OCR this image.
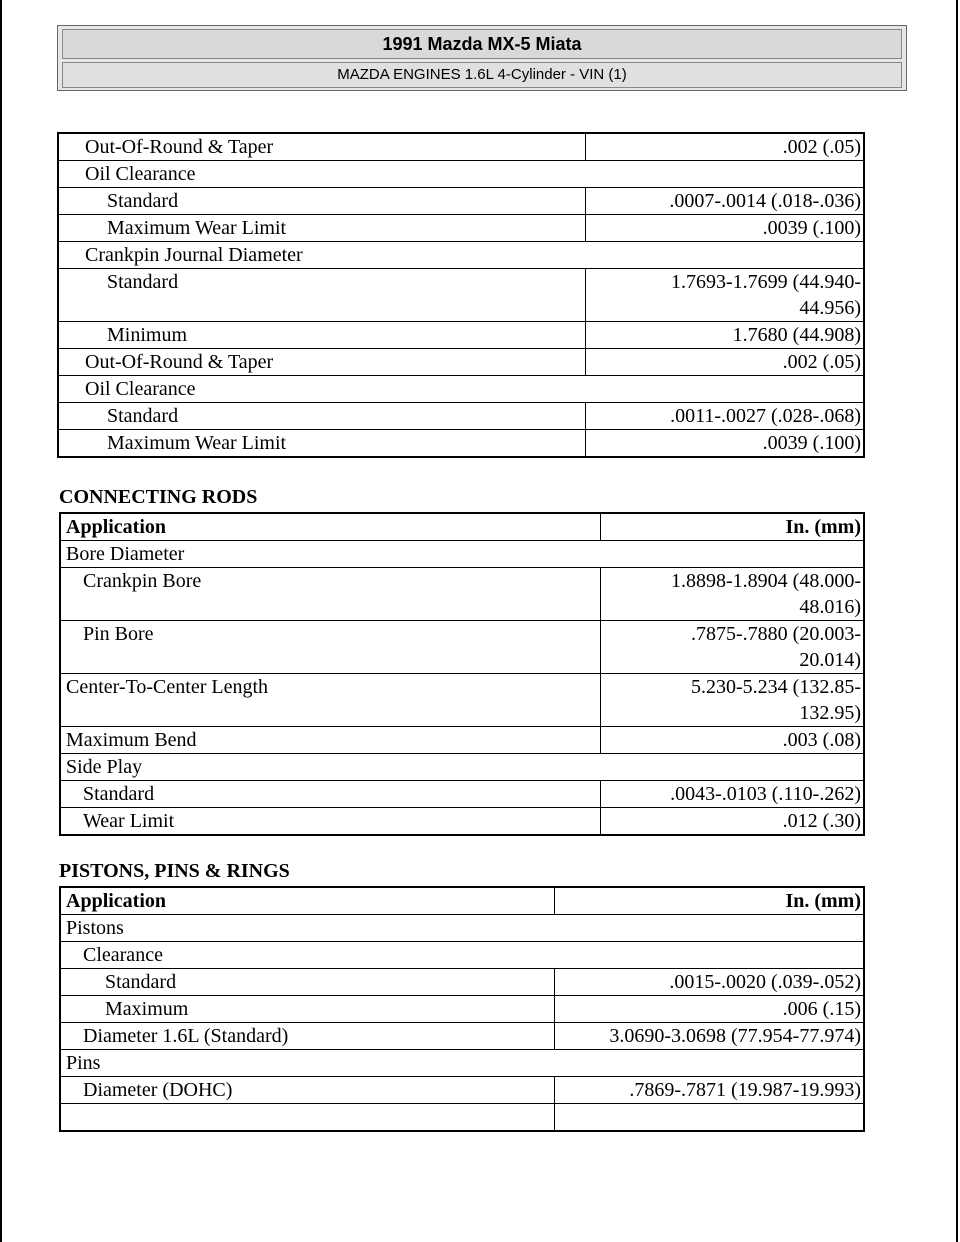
1991 Mazda MX-5 Miata
MAZDA ENGINES 1.6L 4-Cylinder - VIN (1)
Out-Of-Round & Taper	.002 (.05)
Oil Clearance	
Standard	.0007-.0014 (.018-.036)
Maximum Wear Limit	.0039 (.100)
Crankpin Journal Diameter	
Standard	1.7693-1.7699 (44.940-
44.956)
Minimum	1.7680 (44.908)
Out-Of-Round & Taper	.002 (.05)
Oil Clearance	
Standard	.0011-.0027 (.028-.068)
Maximum Wear Limit	.0039 (.100)
CONNECTING RODS
Application	In. (mm)
Bore Diameter	
Crankpin Bore	1.8898-1.8904 (48.000-
48.016)
Pin Bore	.7875-.7880 (20.003-
20.014)
Center-To-Center Length	5.230-5.234 (132.85-
132.95)
Maximum Bend	.003 (.08)
Side Play	
Standard	.0043-.0103 (.110-.262)
Wear Limit	.012 (.30)
PISTONS, PINS & RINGS
Application	In. (mm)
Pistons	
Clearance	
Standard	.0015-.0020 (.039-.052)
Maximum	.006 (.15)
Diameter 1.6L (Standard)	3.0690-3.0698 (77.954-77.974)
Pins	
Diameter (DOHC)	.7869-.7871 (19.987-19.993)
